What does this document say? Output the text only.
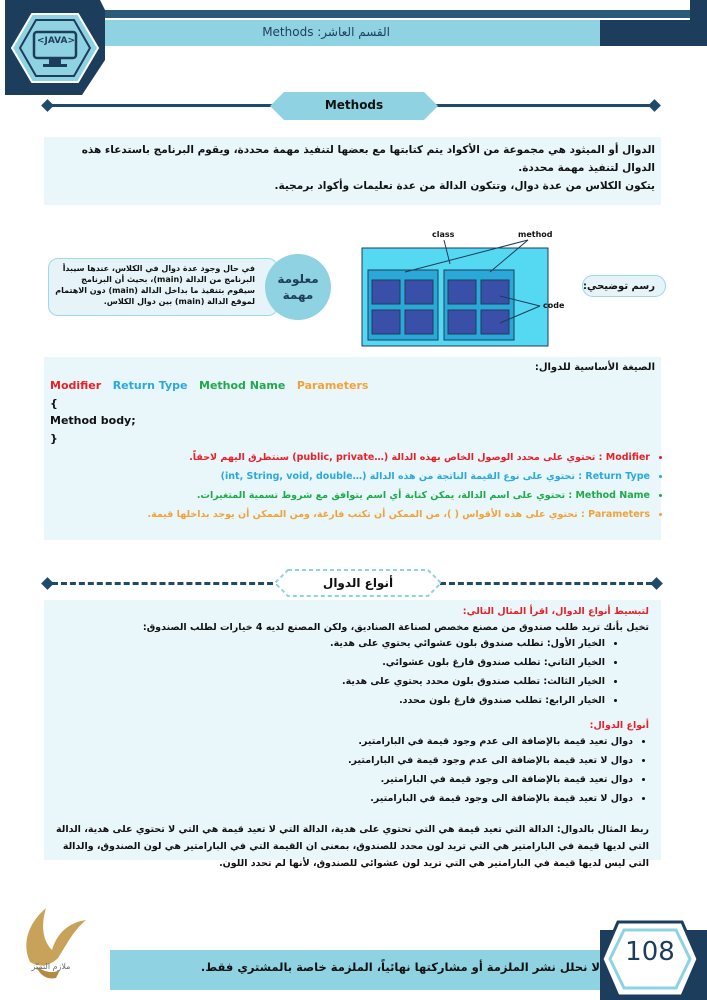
القسم العاشر: Methods
<JAVA>
Methods

الدوال أو الميثود هي مجموعة من الأكواد يتم كتابتها مع بعضها لتنفيذ مهمة محددة، ويقوم البرنامج باستدعاء هذه الدوال لتنفيذ مهمة محددة.

يتكون الكلاس من عدة دوال، وتتكون الدالة من عدة تعليمات وأكواد برمجية.

في حال وجود عدة دوال في الكلاس، عندها سيبدأ البرنامج من الدالة (main)، بحيث أن البرنامج سيقوم بتنفيذ ما بداخل الدالة (main) دون الاهتمام لموقع الدالة (main) بين دوال الكلاس.

معلومة مهمة
class	method
code
رسم توضيحي:
الصيغة الأساسية للدوال:
Modifier Return Type Method Name Parameters
{
Method body;
}
• Modifier : تحتوي على محدد الوصول الخاص بهذه الدالة (…public, private) سنتطرق اليهم لاحقاً.
• Return Type : تحتوي على نوع القيمة الناتجة من هذه الدالة (…int, String, void, double)
• Method Name : تحتوي على اسم الدالة، يمكن كتابة أي اسم يتوافق مع شروط تسمية المتغيرات.
• Parameters : تحتوي على هذه الأقواس ( )، من الممكن أن تكتب فارغة، ومن الممكن أن يوجد بداخلها قيمة.
أنواع الدوال

لتبسيط أنواع الدوال، اقرأ المثال التالي:

تخيل بأنك تريد طلب صندوق من مصنع مخصص لصناعة الصناديق، ولكن المصنع لديه 4 خيارات لطلب الصندوق:

• الخيار الأول: تطلب صندوق بلون عشوائي يحتوي على هدية.
• الخيار الثاني: تطلب صندوق فارغ بلون عشوائي.
• الخيار الثالث: تطلب صندوق بلون محدد يحتوي على هدية.
• الخيار الرابع: تطلب صندوق فارغ بلون محدد.

أنواع الدوال:

• دوال تعيد قيمة بالإضافة الى عدم وجود قيمة في البارامتير.
• دوال لا تعيد قيمة بالإضافة الى عدم وجود قيمة في البارامتير.
• دوال تعيد قيمة بالإضافة الى وجود قيمة في البارامتير.
• دوال لا تعيد قيمة بالإضافة الى وجود قيمة في البارامتير.

ربط المثال بالدوال: الدالة التي تعيد قيمة هي التي تحتوي على هدية، الدالة التي لا تعيد قيمة هي التي لا تحتوي على هدية، الدالة التي لديها قيمة في البارامتير هي التي تريد لون محدد للصندوق، بمعنى ان القيمة التي في البارامتير هي لون الصندوق، والدالة التي ليس لديها قيمة في البارامتير هي التي تريد لون عشوائي للصندوق، لأنها لم تحدد اللون.

ملازم التميّز	108
لا نحلل نشر الملزمة أو مشاركتها نهائياً، الملزمة خاصة بالمشتري فقط.
